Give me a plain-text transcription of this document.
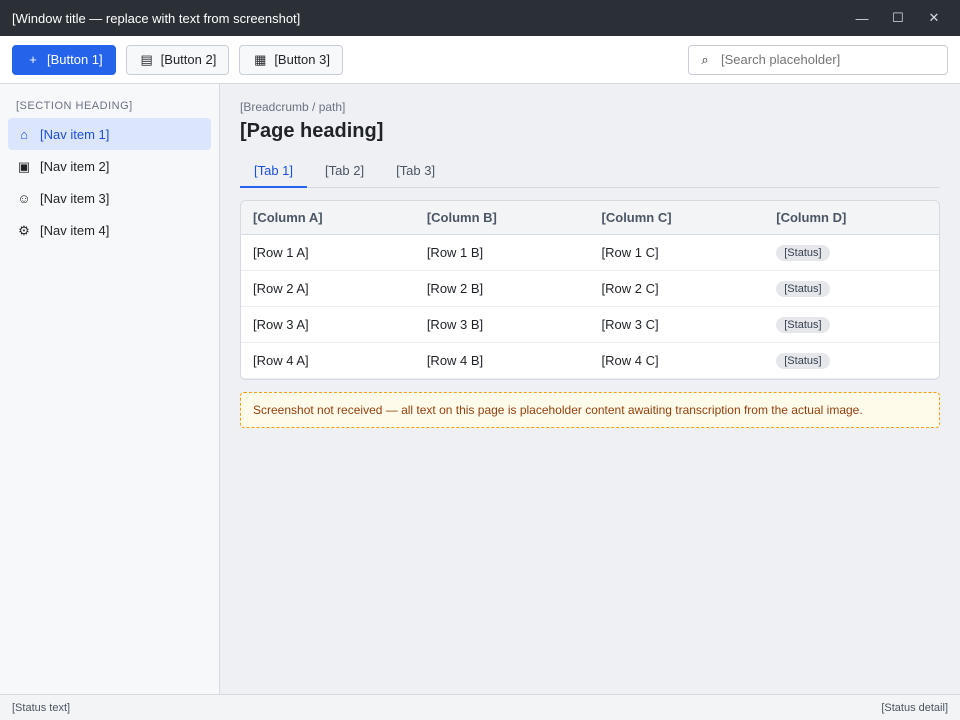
[Window title — replace with text from screenshot]	—	☐	✕
+ [Button 1]	▤ [Button 2]	▦ [Button 3]	⌕
[Search placeholder]
[SECTION HEADING]
⌂ [Nav item 1]
▣ [Nav item 2]
☺ [Nav item 3]
⚙ [Nav item 4]
[Breadcrumb / path]
[Page heading]
[Tab 1]	[Tab 2]	[Tab 3]
[Column A]	[Column B]	[Column C]	[Column D]
[Row 1 A]	[Row 1 B]	[Row 1 C]	[Status]
[Row 2 A]	[Row 2 B]	[Row 2 C]	[Status]
[Row 3 A]	[Row 3 B]	[Row 3 C]	[Status]
[Row 4 A]	[Row 4 B]	[Row 4 C]	[Status]
Screenshot not received — all text on this page is placeholder content awaiting transcription from the actual image.
[Status text]	[Status detail]
